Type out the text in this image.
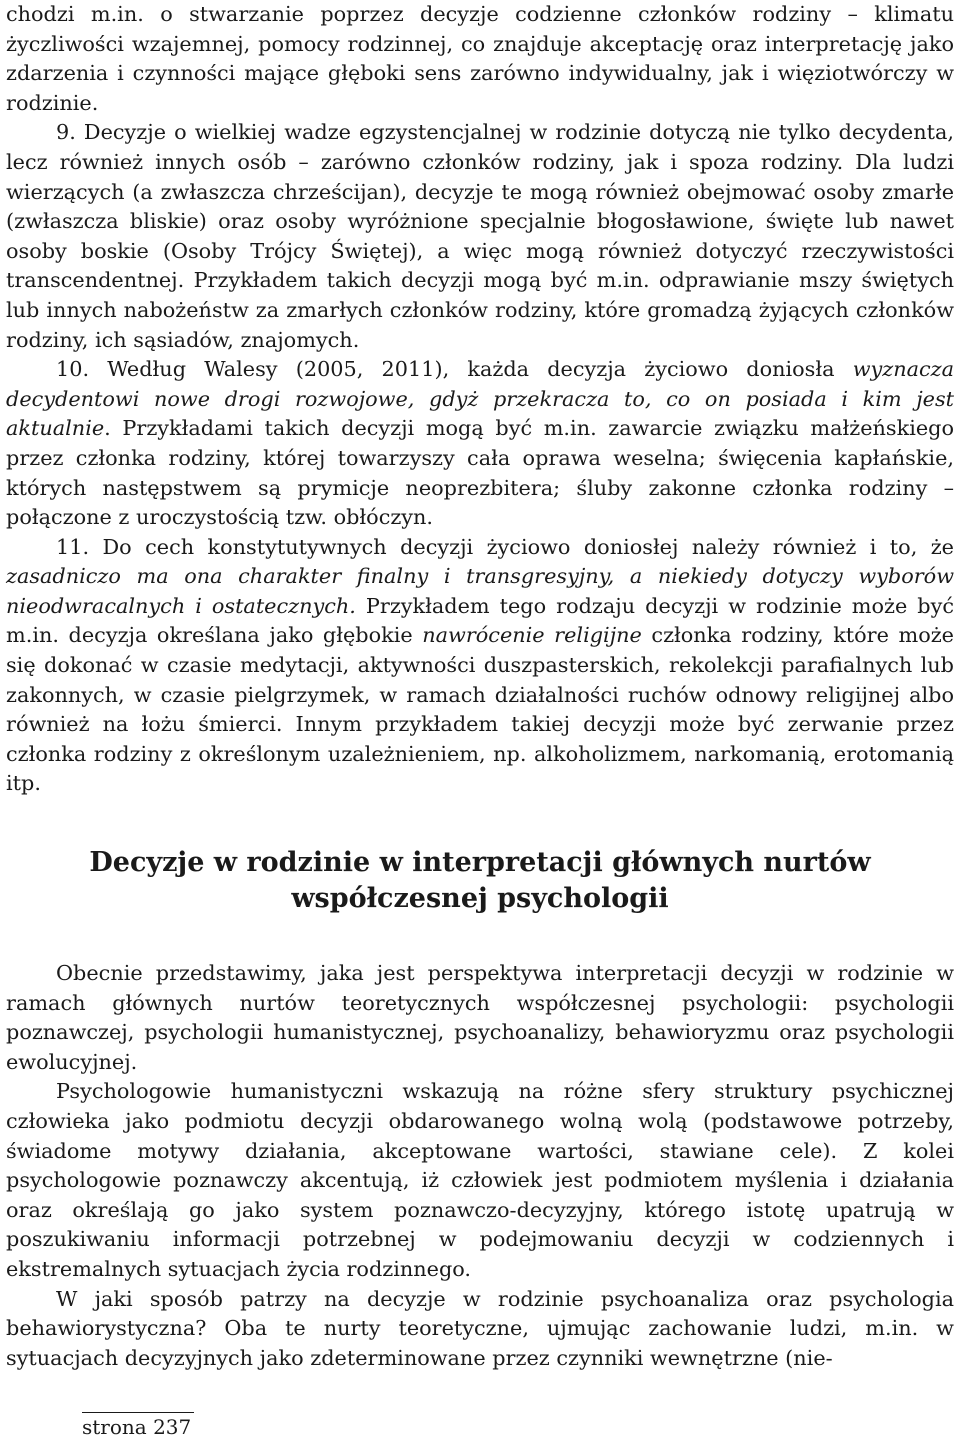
chodzi m.in. o stwarzanie poprzez decyzje codzienne członków rodziny – klimatu życzliwości wzajemnej, pomocy rodzinnej, co znajduje akceptację oraz interpretację jako zdarzenia i czynności mające głęboki sens zarówno indywidualny, jak i więziotwórczy w rodzinie.

9. Decyzje o wielkiej wadze egzystencjalnej w rodzinie dotyczą nie tylko decydenta, lecz również innych osób – zarówno członków rodziny, jak i spoza rodziny. Dla ludzi wierzących (a zwłaszcza chrześcijan), decyzje te mogą również obejmować osoby zmarłe (zwłaszcza bliskie) oraz osoby wyróżnione specjalnie błogosławione, święte lub nawet osoby boskie (Osoby Trójcy Świętej), a więc mogą również dotyczyć rzeczywistości transcendentnej. Przykładem takich decyzji mogą być m.in. odprawianie mszy świętych lub innych nabożeństw za zmarłych członków rodziny, które gromadzą żyjących członków rodziny, ich sąsiadów, znajomych.

10. Według Walesy (2005, 2011), każda decyzja życiowo doniosła wyznacza decydentowi nowe drogi rozwojowe, gdyż przekracza to, co on posiada i kim jest aktualnie. Przykładami takich decyzji mogą być m.in. zawarcie związku małżeńskiego przez członka rodziny, której towarzyszy cała oprawa weselna; święcenia kapłańskie, których następstwem są prymicje neoprezbitera; śluby zakonne członka rodziny – połączone z uroczystością tzw. obłóczyn.

11. Do cech konstytutywnych decyzji życiowo doniosłej należy również i to, że zasadniczo ma ona charakter finalny i transgresyjny, a niekiedy dotyczy wyborów nieodwracalnych i ostatecznych. Przykładem tego rodzaju decyzji w rodzinie może być m.in. decyzja określana jako głębokie nawrócenie religijne członka rodziny, które może się dokonać w czasie medytacji, aktywności duszpasterskich, rekolekcji parafialnych lub zakonnych, w czasie pielgrzymek, w ramach działalności ruchów odnowy religijnej albo również na łożu śmierci. Innym przykładem takiej decyzji może być zerwanie przez członka rodziny z określonym uzależnieniem, np. alkoholizmem, narkomanią, erotomanią itp.

Decyzje w rodzinie w interpretacji głównych nurtów
współczesnej psychologii

Obecnie przedstawimy, jaka jest perspektywa interpretacji decyzji w rodzinie w ramach głównych nurtów teoretycznych współczesnej psychologii: psychologii poznawczej, psychologii humanistycznej, psychoanalizy, behawioryzmu oraz psychologii ewolucyjnej.

Psychologowie humanistyczni wskazują na różne sfery struktury psychicznej człowieka jako podmiotu decyzji obdarowanego wolną wolą (podstawowe potrzeby, świadome motywy działania, akceptowane wartości, stawiane cele). Z kolei psychologowie poznawczy akcentują, iż człowiek jest podmiotem myślenia i działania oraz określają go jako system poznawczo-decyzyjny, którego istotę upatrują w poszukiwaniu informacji potrzebnej w podejmowaniu decyzji w codziennych i ekstremalnych sytuacjach życia rodzinnego.

W jaki sposób patrzy na decyzje w rodzinie psychoanaliza oraz psychologia behawiorystyczna? Oba te nurty teoretyczne, ujmując zachowanie ludzi, m.in. w sytuacjach decyzyjnych jako zdeterminowane przez czynniki wewnętrzne (nie-

strona 237
